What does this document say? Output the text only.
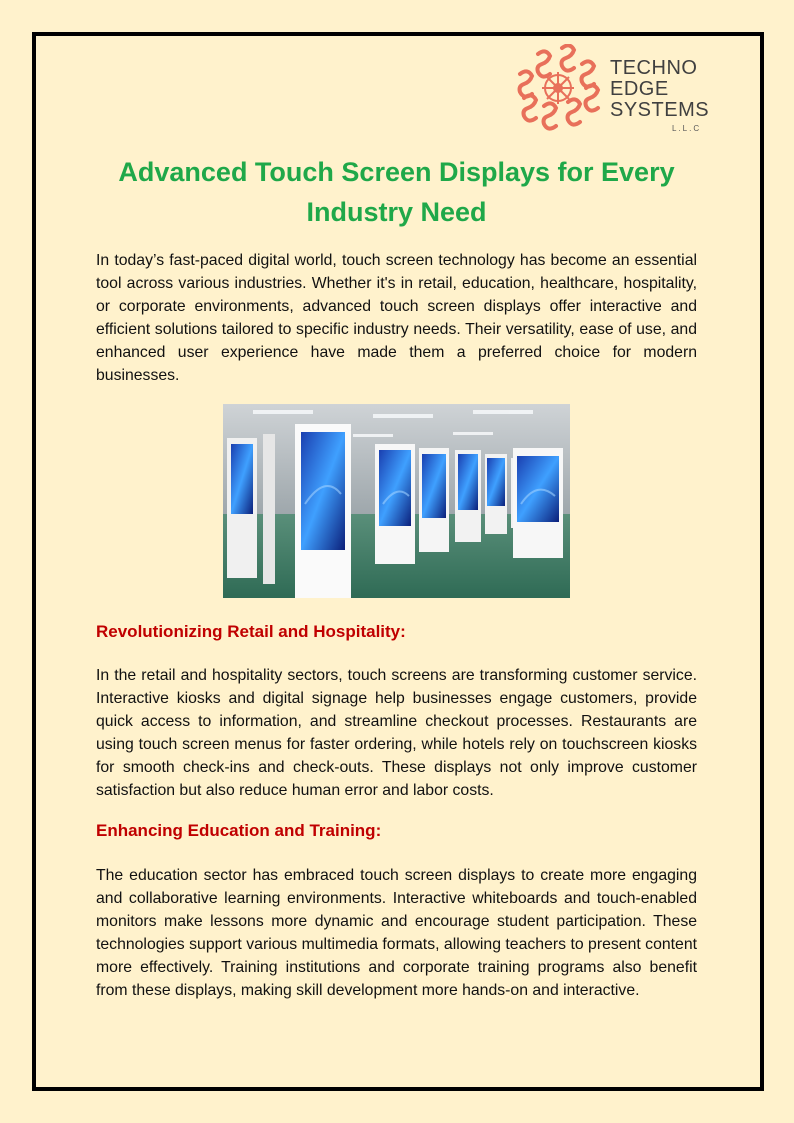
TECHNO
EDGE
SYSTEMS
L.L.C
Advanced Touch Screen Displays for Every Industry Need

In today’s fast-paced digital world, touch screen technology has become an essential tool across various industries. Whether it's in retail, education, healthcare, hospitality, or corporate environments, advanced touch screen displays offer interactive and efficient solutions tailored to specific industry needs. Their versatility, ease of use, and enhanced user experience have made them a preferred choice for modern businesses.

Revolutionizing Retail and Hospitality:

In the retail and hospitality sectors, touch screens are transforming customer service. Interactive kiosks and digital signage help businesses engage customers, provide quick access to information, and streamline checkout processes. Restaurants are using touch screen menus for faster ordering, while hotels rely on touchscreen kiosks for smooth check-ins and check-outs. These displays not only improve customer satisfaction but also reduce human error and labor costs.

Enhancing Education and Training:

The education sector has embraced touch screen displays to create more engaging and collaborative learning environments. Interactive whiteboards and touch-enabled monitors make lessons more dynamic and encourage student participation. These technologies support various multimedia formats, allowing teachers to present content more effectively. Training institutions and corporate training programs also benefit from these displays, making skill development more hands-on and interactive.
